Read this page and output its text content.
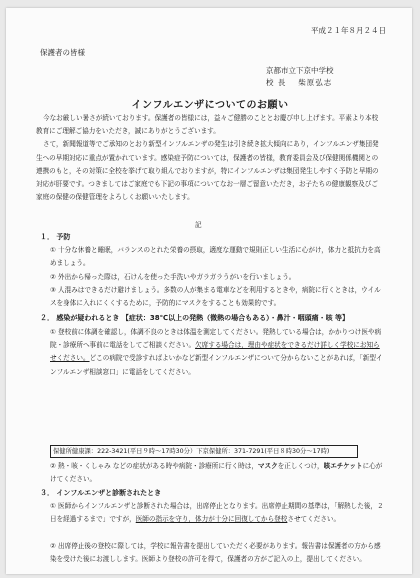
平成２１年８月２４日
保護者の皆様
京都市立下京中学校
校 長　 柴原弘志
インフルエンザについてのお願い
今なお厳しい暑さが続いております。保護者の皆様には，益々ご健勝のこととお慶び申し上げます。平素より本校教育にご理解ご協力をいただき，誠にありがとうございます。
さて，新聞報道等でご承知のとおり新型インフルエンザの発生は引き続き拡大傾向にあり，インフルエンザ集団発生への早期対応に重点が置かれています。感染症予防については，保護者の皆様，教育委員会及び保健関係機関との連携のもと，その対策に全校を挙げて取り組んでおりますが，特にインフルエンザは集団発生しやすく予防と早期の対応が肝要です。つきましてはご家庭でも下記の事項についてなお一層ご留意いただき，お子たちの健康観察及びご家庭の保健の保健管理をよろしくお願いいたします。
記
１． 予防
① 十分な休養と睡眠，バランスのとれた栄養の摂取，適度な運動で規則正しい生活に心がけ，体力と抵抗力を高めましょう。
② 外出から帰った際は，石けんを使った手洗いやガラガラうがいを行いましょう。
③ 人混みはできるだけ避けましょう。多数の人が集まる電車などを利用するときや，病院に行くときは，ウイルスを身体に入れにくくするために，予防的にマスクをすることも効果的です。
２． 感染が疑われるとき 【症状：38℃以上の発熱（微熱の場合もある）・鼻汁・咽頭痛・咳 等】
① 登校前に体調を確認し，体調不良のときは体温を測定してください。発熱している場合は，かかりつけ医や病院・診療所へ事前に電話をしてご相談ください。欠席する場合は，理由や症状をできるだけ詳しく学校にお知らせください。どこの病院で受診すればよいかなど新型インフルエンザについて分からないことがあれば，「新型インフルエンザ相談窓口」に電話をしてください。
保健所健康課：222-3421(平日９時～17時30分）下京保健所：371-7291(平日８時30分～17時)
② 熱・咳・くしゃみ などの症状がある時や病院・診療所に行く時は，マスクを正しくつけ，咳エチケットに心がけてください。
３． インフルエンザと診断されたとき
① 医師からインフルエンザと診断された場合は，出席停止となります。出席停止期間の基準は，「解熱した後，２日を経過するまで」ですが，医師の指示を守り，体力が十分に回復してから登校させてください。
② 出席停止後の登校に際しては，学校に報告書を提出していただく必要があります。報告書は保護者の方から感染を受けた後にお渡しします。医師より登校の許可を得て，保護者の方がご記入の上，提出してください。
